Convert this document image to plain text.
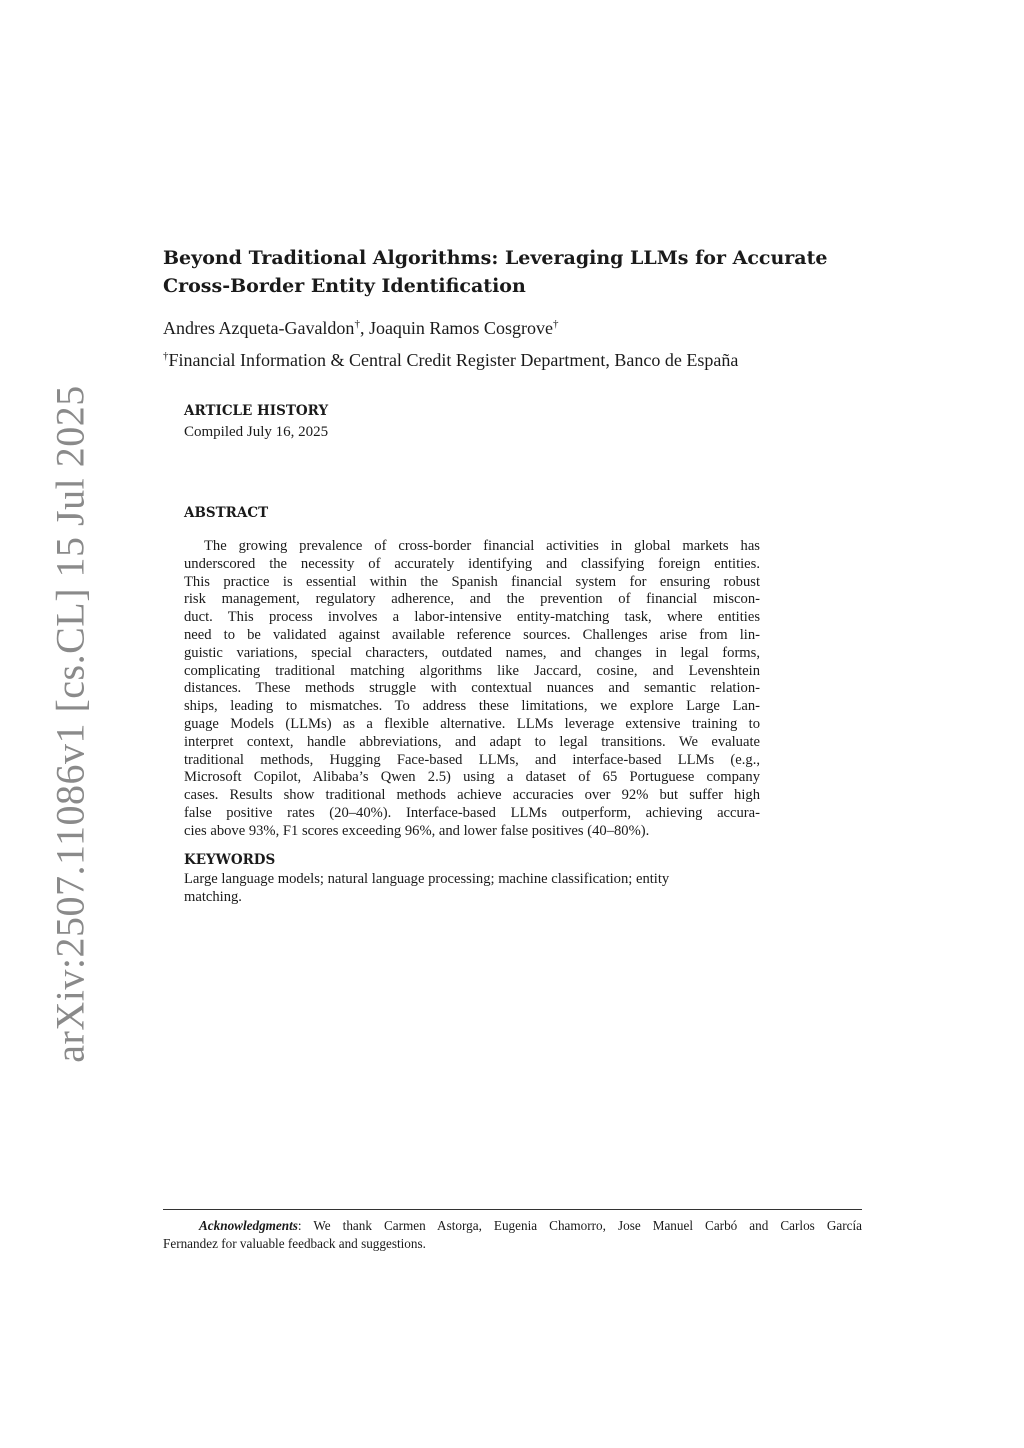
arXiv:2507.11086v1 [cs.CL] 15 Jul 2025
Beyond Traditional Algorithms: Leveraging LLMs for Accurate
Cross-Border Entity Identification
Andres Azqueta-Gavaldon†, Joaquin Ramos Cosgrove†
†Financial Information & Central Credit Register Department, Banco de España
ARTICLE HISTORY
Compiled July 16, 2025
ABSTRACT
The growing prevalence of cross-border financial activities in global markets has
underscored the necessity of accurately identifying and classifying foreign entities.
This practice is essential within the Spanish financial system for ensuring robust
risk management, regulatory adherence, and the prevention of financial miscon-
duct. This process involves a labor-intensive entity-matching task, where entities
need to be validated against available reference sources. Challenges arise from lin-
guistic variations, special characters, outdated names, and changes in legal forms,
complicating traditional matching algorithms like Jaccard, cosine, and Levenshtein
distances. These methods struggle with contextual nuances and semantic relation-
ships, leading to mismatches. To address these limitations, we explore Large Lan-
guage Models (LLMs) as a flexible alternative. LLMs leverage extensive training to
interpret context, handle abbreviations, and adapt to legal transitions. We evaluate
traditional methods, Hugging Face-based LLMs, and interface-based LLMs (e.g.,
Microsoft Copilot, Alibaba’s Qwen 2.5) using a dataset of 65 Portuguese company
cases. Results show traditional methods achieve accuracies over 92% but suffer high
false positive rates (20–40%). Interface-based LLMs outperform, achieving accura-
cies above 93%, F1 scores exceeding 96%, and lower false positives (40–80%).
KEYWORDS
Large language models; natural language processing; machine classification; entity
matching.
Acknowledgments: We thank Carmen Astorga, Eugenia Chamorro, Jose Manuel Carbó and Carlos García
Fernandez for valuable feedback and suggestions.
